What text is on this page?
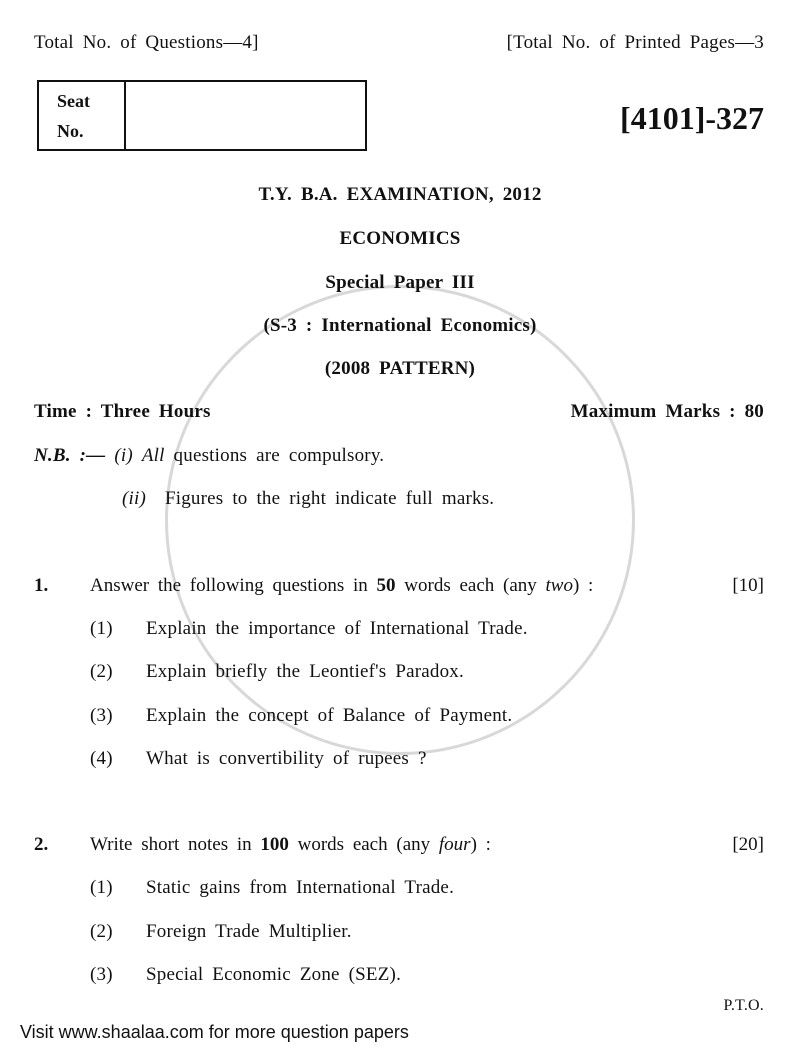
Total No. of Questions—4]	[Total No. of Printed Pages—3
Seat
No.	[4101]-327
T.Y. B.A. EXAMINATION, 2012
ECONOMICS
Special Paper III
(S-3 : International Economics)
(2008 PATTERN)
Time : Three Hours	Maximum Marks : 80
N.B. :— (i) All questions are compulsory.
(ii) Figures to the right indicate full marks.
1.	Answer the following questions in 50 words each (any two) :	[10]
(1) Explain the importance of International Trade.
(2) Explain briefly the Leontief's Paradox.
(3) Explain the concept of Balance of Payment.
(4) What is convertibility of rupees ?
2.	Write short notes in 100 words each (any four) :	[20]
(1) Static gains from International Trade.
(2) Foreign Trade Multiplier.
(3) Special Economic Zone (SEZ).
P.T.O.
Visit www.shaalaa.com for more question papers
